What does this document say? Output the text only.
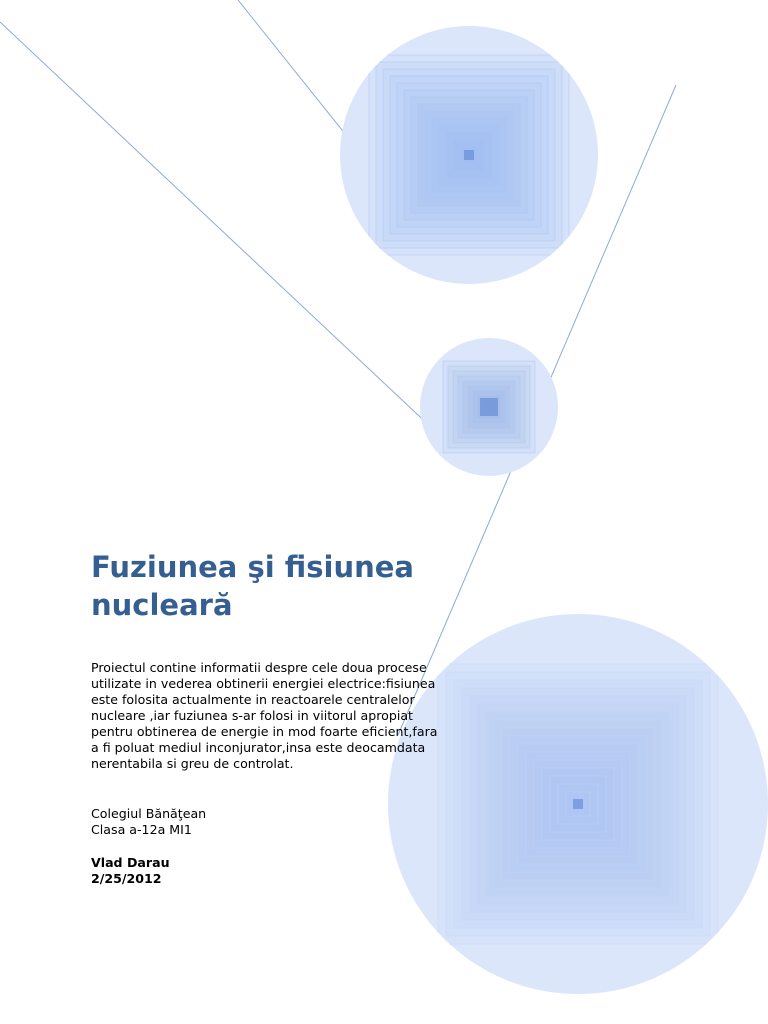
Fuziunea şi fisiunea nucleară

Proiectul contine informatii despre cele doua procese utilizate in vederea obtinerii energiei electrice:fisiunea este folosita actualmente in reactoarele centralelor nucleare ,iar fuziunea s-ar folosi in viitorul apropiat pentru obtinerea de energie in mod foarte eficient,fara a fi poluat mediul inconjurator,insa este deocamdata nerentabila si greu de controlat.

Colegiul Bănăţean
Clasa a-12a MI1
Vlad Darau
2/25/2012
